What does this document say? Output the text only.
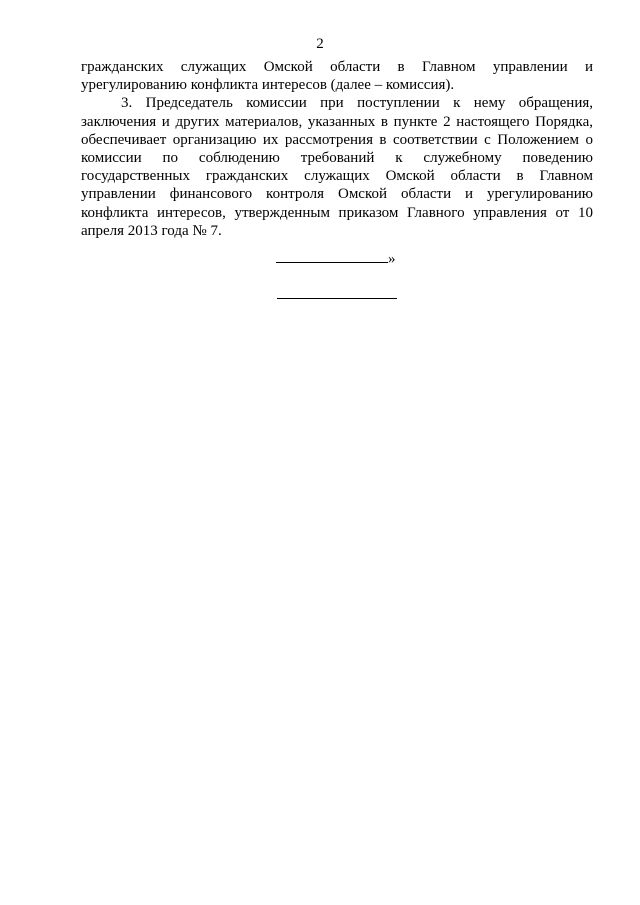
2

гражданских служащих Омской области в Главном управлении и
урегулированию конфликта интересов (далее – комиссия).

3. Председатель комиссии при поступлении к нему обращения, заключения и других материалов, указанных в пункте 2 настоящего Порядка, обеспечивает организацию их рассмотрения в соответствии с Положением о комиссии по соблюдению требований к служебному поведению государственных гражданских служащих Омской области в Главном управлении финансового контроля Омской области и урегулированию конфликта интересов, утвержденным приказом Главного управления от 10 апреля 2013 года № 7.

»
